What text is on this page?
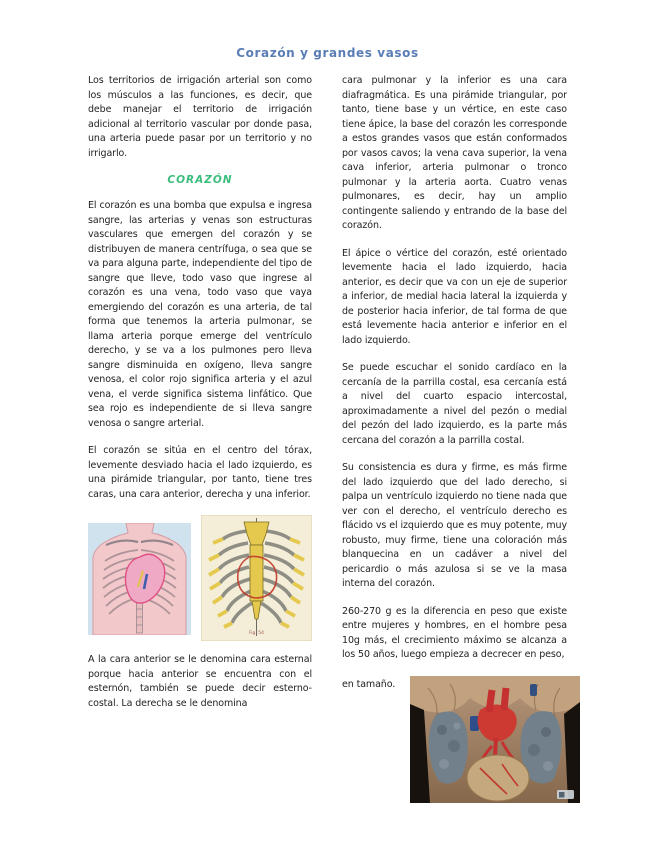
Corazón y grandes vasos

Los territorios de irrigación arterial son como los músculos a las funciones, es decir, que debe manejar el territorio de irrigación adicional al territorio vascular por donde pasa, una arteria puede pasar por un territorio y no irrigarlo.

CORAZÓN

El corazón es una bomba que expulsa e ingresa sangre, las arterias y venas son estructuras vasculares que emergen del corazón y se distribuyen de manera centrífuga, o sea que se va para alguna parte, independiente del tipo de sangre que lleve, todo vaso que ingrese al corazón es una vena, todo vaso que vaya emergiendo del corazón es una arteria, de tal forma que tenemos la arteria pulmonar, se llama arteria porque emerge del ventrículo derecho, y se va a los pulmones pero lleva sangre disminuida en oxígeno, lleva sangre venosa, el color rojo significa arteria y el azul vena, el verde significa sistema linfático. Que sea rojo es independiente de si lleva sangre venosa o sangre arterial.

El corazón se sitúa en el centro del tórax, levemente desviado hacia el lado izquierdo, es una pirámide triangular, por tanto, tiene tres caras, una cara anterior, derecha y una inferior.

Fig. 54

A la cara anterior se le denomina cara esternal porque hacia anterior se encuentra con el esternón, también se puede decir esterno-costal. La derecha se le denomina

cara pulmonar y la inferior es una cara diafragmática. Es una pirámide triangular, por tanto, tiene base y un vértice, en este caso tiene ápice, la base del corazón les corresponde a estos grandes vasos que están conformados por vasos cavos; la vena cava superior, la vena cava inferior, arteria pulmonar o tronco pulmonar y la arteria aorta. Cuatro venas pulmonares, es decir, hay un amplio contingente saliendo y entrando de la base del corazón.

El ápice o vértice del corazón, esté orientado levemente hacia el lado izquierdo, hacia anterior, es decir que va con un eje de superior a inferior, de medial hacia lateral la izquierda y de posterior hacia inferior, de tal forma de que está levemente hacia anterior e inferior en el lado izquierdo.

Se puede escuchar el sonido cardíaco en la cercanía de la parrilla costal, esa cercanía está a nivel del cuarto espacio intercostal, aproximadamente a nivel del pezón o medial del pezón del lado izquierdo, es la parte más cercana del corazón a la parrilla costal.

Su consistencia es dura y firme, es más firme del lado izquierdo que del lado derecho, si palpa un ventrículo izquierdo no tiene nada que ver con el derecho, el ventrículo derecho es flácido vs el izquierdo que es muy potente, muy robusto, muy firme, tiene una coloración más blanquecina en un cadáver a nivel del pericardio o más azulosa si se ve la masa interna del corazón.

260-270 g es la diferencia en peso que existe entre mujeres y hombres, en el hombre pesa 10g más, el crecimiento máximo se alcanza a los 50 años, luego empieza a decrecer en peso,

en tamaño.
